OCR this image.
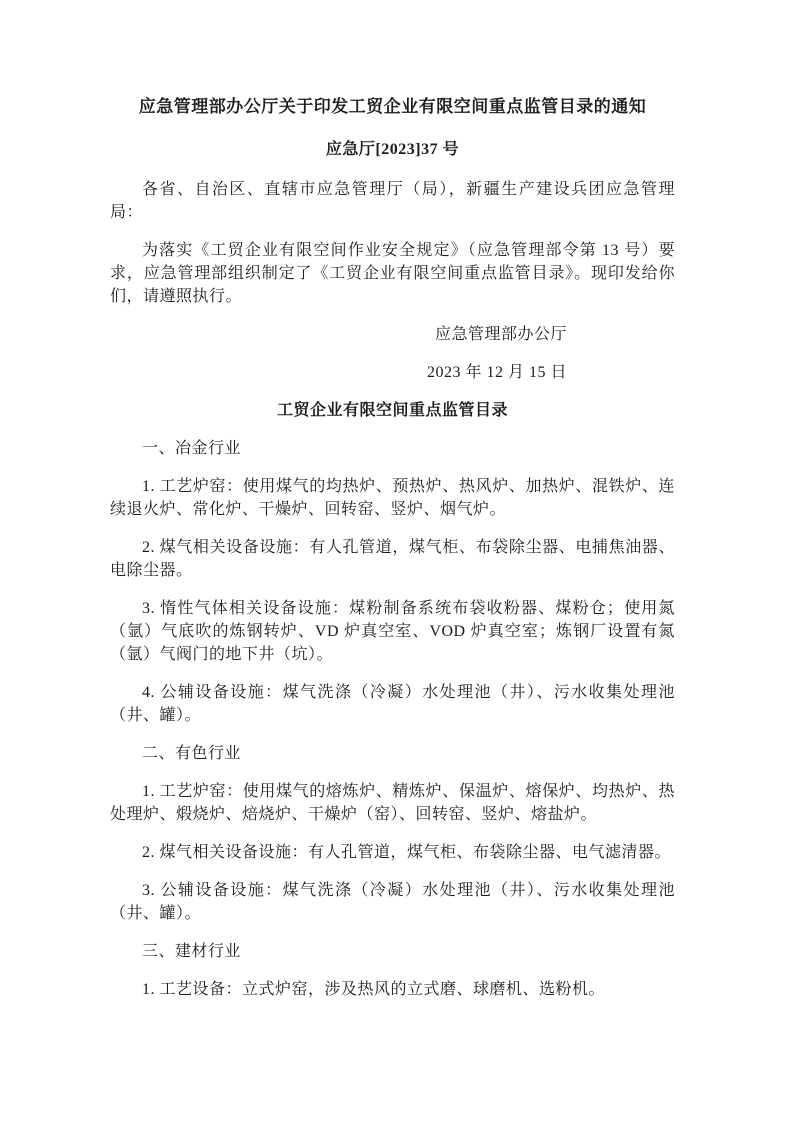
应急管理部办公厅关于印发工贸企业有限空间重点监管目录的通知

应急厅[2023]37 号

各省、自治区、直辖市应急管理厅（局），新疆生产建设兵团应急管理局：

为落实《工贸企业有限空间作业安全规定》（应急管理部令第 13 号）要求，应急管理部组织制定了《工贸企业有限空间重点监管目录》。现印发给你们，请遵照执行。

应急管理部办公厅

2023 年 12 月 15 日

工贸企业有限空间重点监管目录
一、冶金行业

1. 工艺炉窑：使用煤气的均热炉、预热炉、热风炉、加热炉、混铁炉、连续退火炉、常化炉、干燥炉、回转窑、竖炉、烟气炉。

2. 煤气相关设备设施：有人孔管道，煤气柜、布袋除尘器、电捕焦油器、电除尘器。

3. 惰性气体相关设备设施：煤粉制备系统布袋收粉器、煤粉仓；使用氮（氩）气底吹的炼钢转炉、VD 炉真空室、VOD 炉真空室；炼钢厂设置有氮（氩）气阀门的地下井（坑）。

4. 公辅设备设施：煤气洗涤（冷凝）水处理池（井）、污水收集处理池（井、罐）。

二、有色行业

1. 工艺炉窑：使用煤气的熔炼炉、精炼炉、保温炉、熔保炉、均热炉、热处理炉、煅烧炉、焙烧炉、干燥炉（窑）、回转窑、竖炉、熔盐炉。

2. 煤气相关设备设施：有人孔管道，煤气柜、布袋除尘器、电气滤清器。

3. 公辅设备设施：煤气洗涤（冷凝）水处理池（井）、污水收集处理池（井、罐）。

三、建材行业

1. 工艺设备：立式炉窑，涉及热风的立式磨、球磨机、选粉机。
